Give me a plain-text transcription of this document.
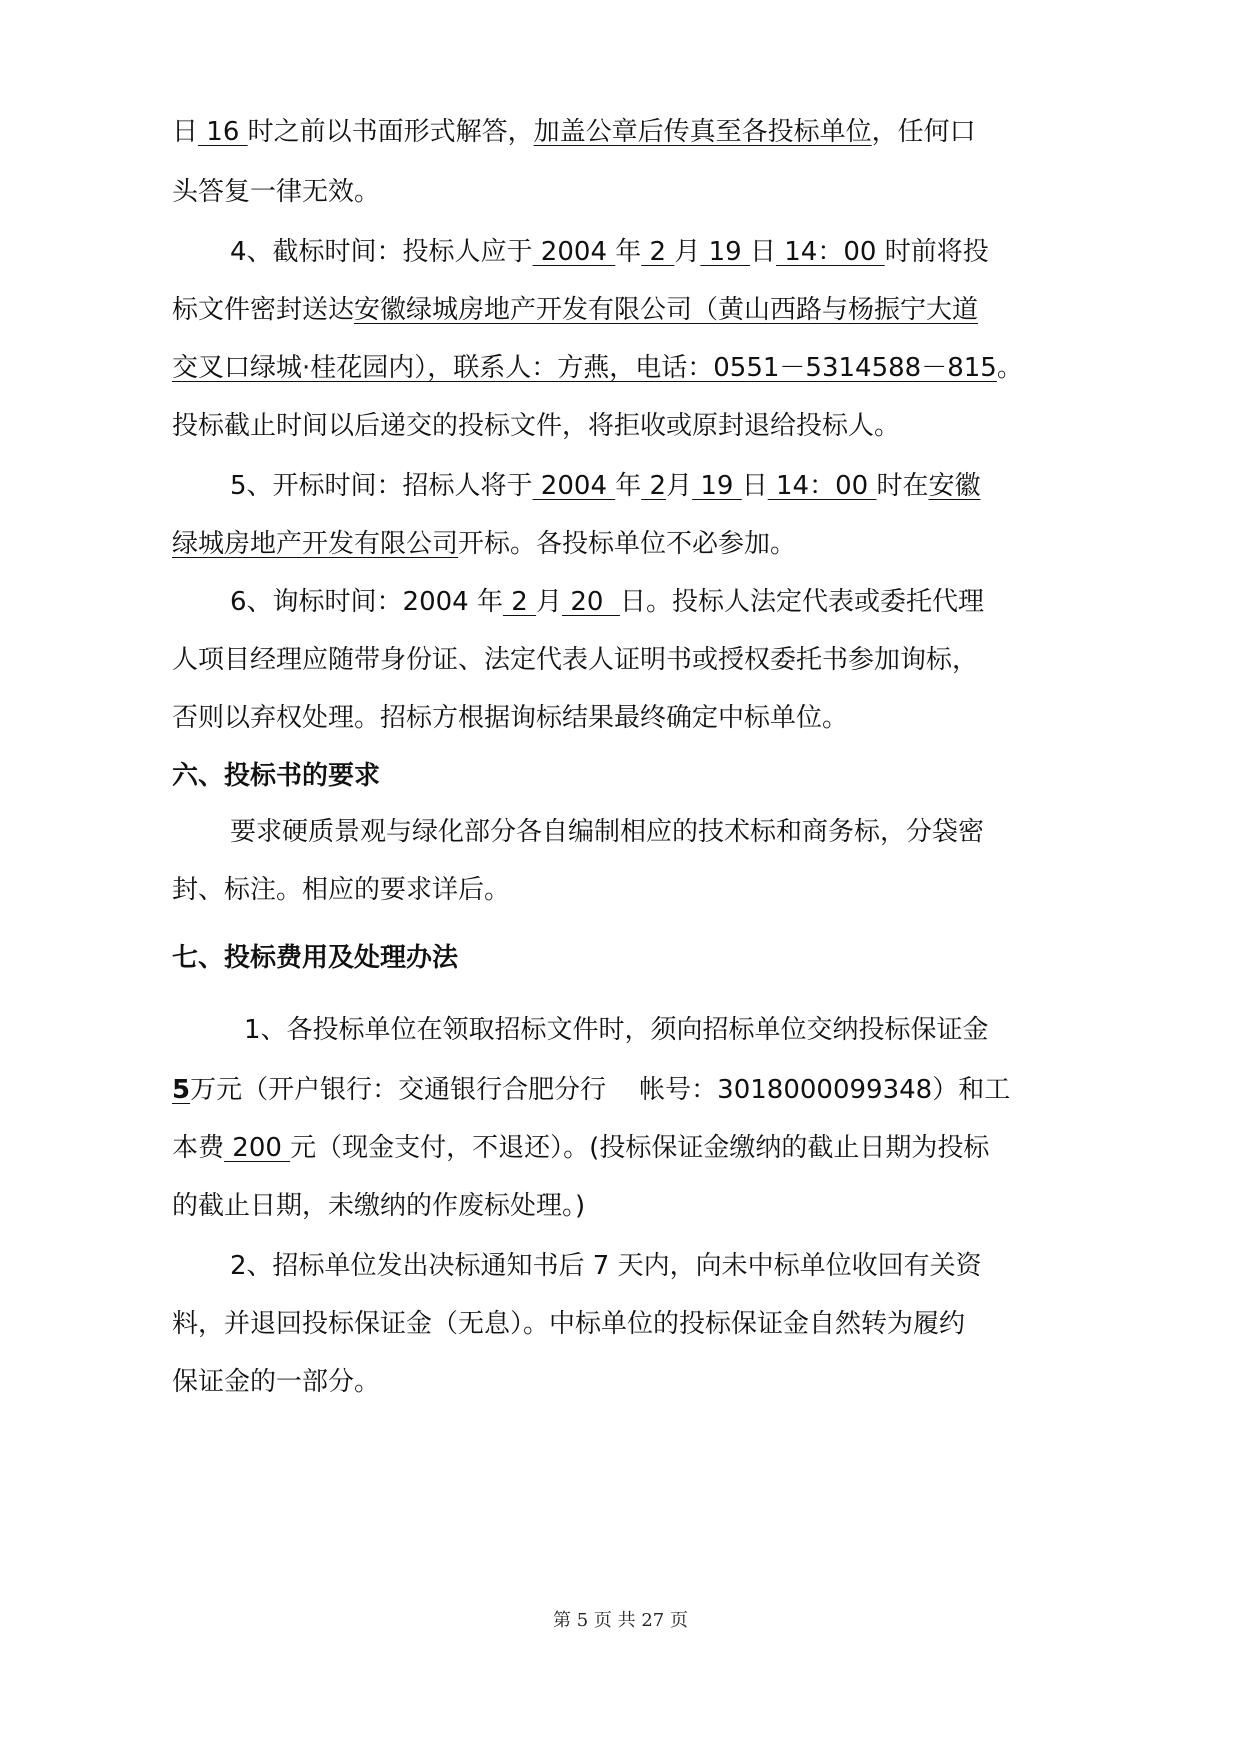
日 16 时之前以书面形式解答，加盖公章后传真至各投标单位，任何口
头答复一律无效。
4、截标时间：投标人应于 2004 年 2 月 19 日 14：00 时前将投
标文件密封送达安徽绿城房地产开发有限公司（黄山西路与杨振宁大道
交叉口绿城·桂花园内），联系人：方燕，电话：0551－5314588－815。
投标截止时间以后递交的投标文件，将拒收或原封退给投标人。
5、开标时间：招标人将于 2004 年 2月 19 日 14：00 时在安徽
绿城房地产开发有限公司开标。各投标单位不必参加。
6、询标时间：2004 年 2 月 20  日。投标人法定代表或委托代理
人项目经理应随带身份证、法定代表人证明书或授权委托书参加询标，
否则以弃权处理。招标方根据询标结果最终确定中标单位。
六、投标书的要求
要求硬质景观与绿化部分各自编制相应的技术标和商务标，分袋密
封、标注。相应的要求详后。
七、投标费用及处理办法
1、各投标单位在领取招标文件时，须向招标单位交纳投标保证金
5万元（开户银行：交通银行合肥分行    帐号：3018000099348）和工
本费 200 元（现金支付，不退还）。(投标保证金缴纳的截止日期为投标
的截止日期，未缴纳的作废标处理。)
2、招标单位发出决标通知书后 7 天内，向未中标单位收回有关资
料，并退回投标保证金（无息）。中标单位的投标保证金自然转为履约
保证金的一部分。
第 5 页 共 27 页
